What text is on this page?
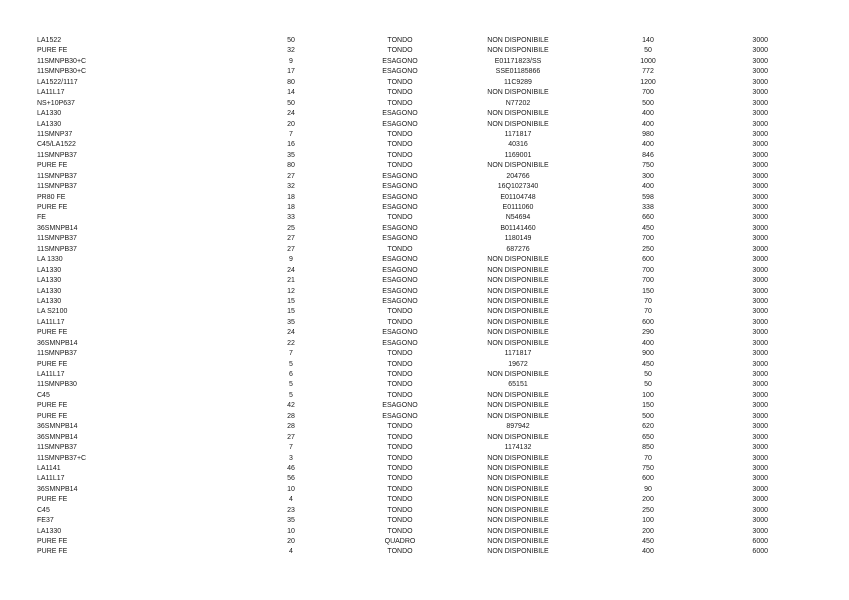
LA1522	50	TONDO	NON DISPONIBILE	140	3000
PURE FE	32	TONDO	NON DISPONIBILE	50	3000
11SMNPB30+C	9	ESAGONO	E01171823/SS	1000	3000
11SMNPB30+C	17	ESAGONO	SSE01185866	772	3000
LA1522/1117	80	TONDO	11C9289	1200	3000
LA11L17	14	TONDO	NON DISPONIBILE	700	3000
NS+10P637	50	TONDO	N77202	500	3000
LA1330	24	ESAGONO	NON DISPONIBILE	400	3000
LA1330	20	ESAGONO	NON DISPONIBILE	400	3000
11SMNP37	7	TONDO	1171817	980	3000
C45/LA1522	16	TONDO	40316	400	3000
11SMNPB37	35	TONDO	1169001	846	3000
PURE FE	80	TONDO	NON DISPONIBILE	750	3000
11SMNPB37	27	ESAGONO	204766	300	3000
11SMNPB37	32	ESAGONO	16Q1027340	400	3000
PR80 FE	18	ESAGONO	E01104748	598	3000
PURE FE	18	ESAGONO	E0111060	338	3000
FE	33	TONDO	N54694	660	3000
36SMNPB14	25	ESAGONO	B01141460	450	3000
11SMNPB37	27	ESAGONO	1180149	700	3000
11SMNPB37	27	TONDO	687276	250	3000
LA 1330	9	ESAGONO	NON DISPONIBILE	600	3000
LA1330	24	ESAGONO	NON DISPONIBILE	700	3000
LA1330	21	ESAGONO	NON DISPONIBILE	700	3000
LA1330	12	ESAGONO	NON DISPONIBILE	150	3000
LA1330	15	ESAGONO	NON DISPONIBILE	70	3000
LA S2100	15	TONDO	NON DISPONIBILE	70	3000
LA11L17	35	TONDO	NON DISPONIBILE	600	3000
PURE FE	24	ESAGONO	NON DISPONIBILE	290	3000
36SMNPB14	22	ESAGONO	NON DISPONIBILE	400	3000
11SMNPB37	7	TONDO	1171817	900	3000
PURE FE	5	TONDO	19672	450	3000
LA11L17	6	TONDO	NON DISPONIBILE	50	3000
11SMNPB30	5	TONDO	65151	50	3000
C45	5	TONDO	NON DISPONIBILE	100	3000
PURE FE	42	ESAGONO	NON DISPONIBILE	150	3000
PURE FE	28	ESAGONO	NON DISPONIBILE	500	3000
36SMNPB14	28	TONDO	897942	620	3000
36SMNPB14	27	TONDO	NON DISPONIBILE	650	3000
11SMNPB37	7	TONDO	1174132	850	3000
11SMNPB37+C	3	TONDO	NON DISPONIBILE	70	3000
LA1141	46	TONDO	NON DISPONIBILE	750	3000
LA11L17	56	TONDO	NON DISPONIBILE	600	3000
36SMNPB14	10	TONDO	NON DISPONIBILE	90	3000
PURE FE	4	TONDO	NON DISPONIBILE	200	3000
C45	23	TONDO	NON DISPONIBILE	250	3000
FE37	35	TONDO	NON DISPONIBILE	100	3000
LA1330	10	TONDO	NON DISPONIBILE	200	3000
PURE FE	20	QUADRO	NON DISPONIBILE	450	6000
PURE FE	4	TONDO	NON DISPONIBILE	400	6000
